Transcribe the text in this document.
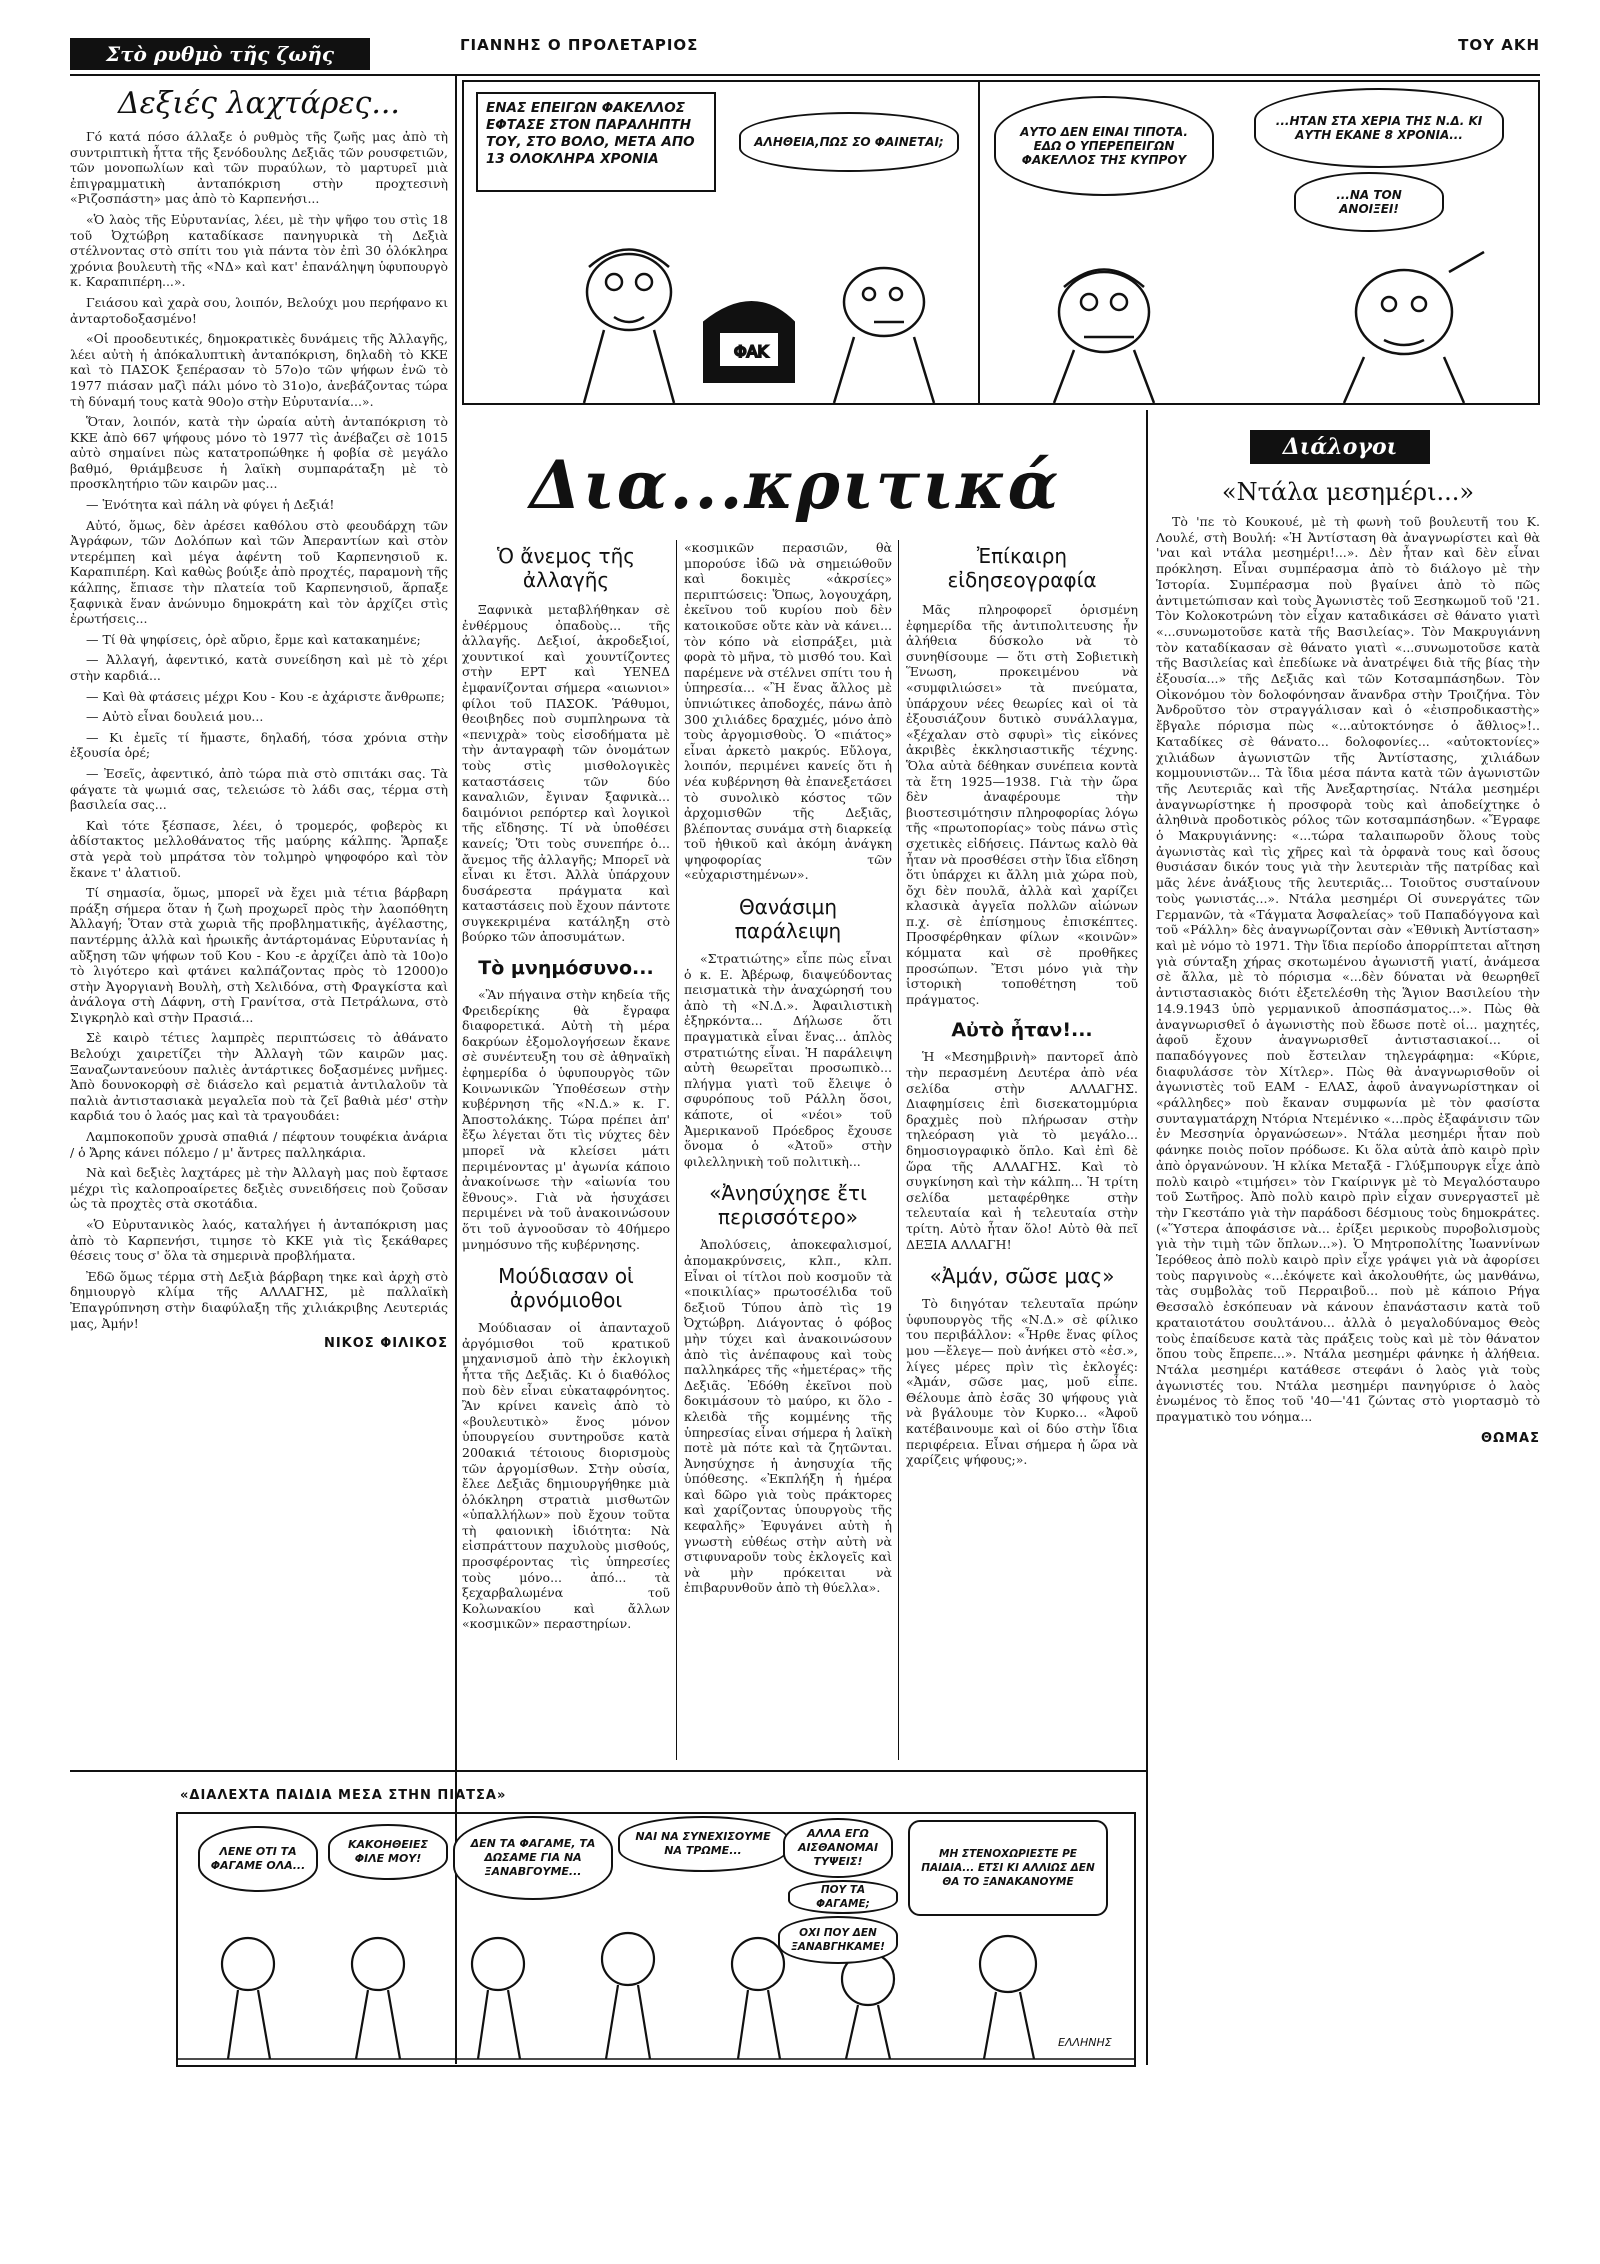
Στὸ ρυθμὸ τῆς ζωῆς	ΓΙΑΝΝΗΣ Ο ΠΡΟΛΕΤΑΡΙΟΣ	ΤΟΥ ΑΚΗ
Δεξιές λαχτάρες...

Γό κατά πόσο άλλαξε ὁ ρυθμὸς τῆς ζωῆς μας ἀπὸ τὴ συντριπτικὴ ἧττα τῆς ξενόδουλης Δεξιᾶς τῶν ρουσφετιῶν, τῶν μονοπωλίων καὶ τῶν πυραύλων, τὸ μαρτυρεῖ μιὰ ἐπιγραμματικὴ ἀνταπόκριση στὴν προχτεσινὴ «Ριζοσπάστη» μας ἀπὸ τὸ Καρπενήσι...

«Ὁ λαὸς τῆς Εὐρυτανίας, λέει, μὲ τὴν ψῆφο του στὶς 18 τοῦ Ὀχτώβρη καταδίκασε πανηγυρικὰ τὴ Δεξιὰ στέλνοντας στὸ σπίτι του γιὰ πάντα τὸν ἐπὶ 30 ὁλόκληρα χρόνια βουλευτὴ τῆς «ΝΔ» καὶ κατ' ἐπανάληψη ὑφυπουργὸ κ. Καραπιπέρη...».

Γειάσου καὶ χαρὰ σου, λοιπόν, Βελούχι μου περήφανο κι ἀνταρτοδοξασμένο!

«Οἱ προοδευτικές, δημοκρατικὲς δυνάμεις τῆς Ἀλλαγῆς, λέει αὐτὴ ἡ ἀπόκαλυπτικὴ ἀνταπόκριση, δηλαδὴ τὸ ΚΚΕ καὶ τὸ ΠΑΣΟΚ ξεπέρασαν τὸ 57ο)ο τῶν ψήφων ἐνῶ τὸ 1977 πιάσαν μαζὶ πάλι μόνο τὸ 31ο)ο, ἀνεβάζοντας τώρα τὴ δύναμή τους κατὰ 90ο)ο στὴν Εὐρυτανία...».

Ὅταν, λοιπόν, κατὰ τὴν ὡραία αὐτὴ ἀνταπόκριση τὸ ΚΚΕ ἀπὸ 667 ψήφους μόνο τὸ 1977 τὶς ἀνέβαζει σὲ 1015 αὐτὸ σημαίνει πὼς κατατροπώθηκε ἡ φοβία σὲ μεγάλο βαθμό, θριάμβευσε ἡ λαϊκὴ συμπαράταξη μὲ τὸ προσκλητήριο τῶν καιρῶν μας...

— Ἑνότητα καὶ πάλη νὰ φύγει ἡ Δεξιά!

Αὐτό, ὅμως, δὲν ἀρέσει καθόλου στὸ φεουδάρχη τῶν Ἀγράφων, τῶν Δολόπων καὶ τῶν Ἀπεραντίων καὶ στὸν ντερέμπεη καὶ μέγα ἀφέντη τοῦ Καρπενησιοῦ κ. Καραπιπέρη. Καὶ καθὼς βούιξε ἀπὸ προχτές, παραμονὴ τῆς κάλπης, ἔπιασε τὴν πλατεία τοῦ Καρπενησιοῦ, ἅρπαξε ξαφνικὰ ἕναν ἀνώνυμο δημοκράτη καὶ τὸν ἀρχίζει στὶς ἐρωτήσεις...

— Τί θὰ ψηφίσεις, ὁρὲ αὔριο, ἔρμε καὶ κατακαημένε;

— Ἀλλαγή, ἀφεντικό, κατὰ συνείδηση καὶ μὲ τὸ χέρι στὴν καρδιά...

— Καὶ θὰ φτάσεις μέχρι Κου - Κου -ε ἀχάριστε ἄνθρωπε;

— Αὐτὸ εἶναι δουλειά μου...

— Κι ἐμεῖς τί ἤμαστε, δηλαδή, τόσα χρόνια στὴν ἐξουσία ὁρέ;

— Ἐσεῖς, ἀφεντικό, ἀπὸ τώρα πιὰ στὸ σπιτάκι σας. Τὰ φάγατε τὰ ψωμιά σας, τελειώσε τὸ λάδι σας, τέρμα στὴ βασιλεία σας...

Καὶ τότε ξέσπασε, λέει, ὁ τρομερός, φοβερὸς κι ἀδίστακτος μελλοθάνατος τῆς μαύρης κάλπης. Ἅρπαξε στὰ γερὰ τοὺ μπράτσα τὸν τολμηρὸ ψηφοφόρο καὶ τὸν ἔκανε τ' ἀλατιοῦ.

Τί σημασία, ὅμως, μπορεῖ νὰ ἔχει μιὰ τέτια βάρβαρη πράξη σήμερα ὅταν ἡ ζωὴ προχωρεῖ πρὸς τὴν λαοπόθητη Ἀλλαγή; Ὅταν στὰ χωριὰ τῆς προβληματικῆς, ἀγέλαστης, παντέρμης ἀλλὰ καὶ ἡρωικῆς ἀντάρτομάνας Εὐρυτανίας ἡ αὔξηση τῶν ψήφων τοῦ Κου - Κου -ε ἀρχίζει ἀπὸ τὰ 10ο)ο τὸ λιγότερο καὶ φτάνει καλπάζοντας πρὸς τὸ 12000)ο στὴν Ἀγοργιανὴ Βουλὴ, στὴ Χελιδόνα, στὴ Φραγκίστα καὶ ἀνάλογα στὴ Δάφνη, στὴ Γρανίτσα, στὰ Πετράλωνα, στὸ Σιγκρηλὸ καὶ στὴν Πρασιά...

Σὲ καιρὸ τέτιες λαμπρὲς περιπτώσεις τὸ ἀθάνατο Βελούχι χαιρετίζει τὴν Ἀλλαγὴ τῶν καιρῶν μας. Ξαναζωντανεύουν παλιὲς ἀντάρτικες δοξασμένες μνῆμες. Ἀπὸ δουνοκορφὴ σὲ διάσελο καὶ ρεματιὰ ἀντιλαλοῦν τὰ παλιὰ ἀντιστασιακὰ μεγαλεῖα ποὺ τὰ ζεῖ βαθιὰ μέσ' στὴν καρδιά του ὁ λαός μας καὶ τὰ τραγουδάει:

Λαμποκοποῦν χρυσὰ σπαθιά / πέφτουν τουφέκια ἀνάρια / ὁ Ἄρης κάνει πόλεμο / μ' ἄντρες παλληκάρια.

Νὰ καὶ δεξιὲς λαχτάρες μὲ τὴν Ἀλλαγὴ μας ποὺ ἔφτασε μέχρι τὶς καλοπροαίρετες δεξιὲς συνειδήσεις ποὺ ζοῦσαν ὡς τὰ προχτὲς στὰ σκοτάδια.

«Ὁ Εὐρυτανικὸς λαός, καταλήγει ἡ ἀνταπόκριση μας ἀπὸ τὸ Καρπενήσι, τιμησε τὸ ΚΚΕ γιὰ τὶς ξεκάθαρες θέσεις τους σ' ὅλα τὰ σημερινὰ προβλήματα.

Ἐδῶ ὅμως τέρμα στὴ Δεξιὰ βάρβαρη τηκε καὶ ἀρχὴ στὸ δημιουργὸ κλίμα τῆς ΑΛΛΑΓΗΣ, μὲ παλλαϊκὴ Ἐπαγρύπνηση στὴν διαφύλαξη τῆς χιλιάκριβης Λευτεριάς μας, Ἀμήν!

ΝΙΚΟΣ ΦΙΛΙΚΟΣ
ΦΑΚ
ΕΝΑΣ ΕΠΕΙΓΩΝ ΦΑΚΕΛΛΟΣ ΕΦΤΑΣΕ ΣΤΟΝ ΠΑΡΑΛΗΠΤΗ ΤΟΥ, ΣΤΟ ΒΟΛΟ, ΜΕΤΑ ΑΠΟ 13 ΟΛΟΚΛΗΡΑ ΧΡΟΝΙΑ
ΑΛΗΘΕΙΑ,ΠΩΣ ΣΟ ΦΑΙΝΕΤΑΙ;
ΑΥΤΟ ΔΕΝ ΕΙΝΑΙ ΤΙΠΟΤΑ. ΕΔΩ Ο ΥΠΕΡΕΠΕΙΓΩΝ ΦΑΚΕΛΛΟΣ ΤΗΣ ΚΥΠΡΟΥ
...ΗΤΑΝ ΣΤΑ ΧΕΡΙΑ ΤΗΣ Ν.Δ. ΚΙ ΑΥΤΗ ΕΚΑΝΕ 8 ΧΡΟΝΙΑ...
...ΝΑ ΤΟΝ ΑΝΟΙΞΕΙ!
Δια...κριτικά
Ὁ ἄνεμος τῆς ἀλλαγῆς
Ξαφνικὰ μεταβλήθηκαν σὲ ἐνθέρμους ὀπαδοὺς... τῆς ἀλλαγῆς. Δεξιοί, ἀκροδεξιοί, χουντικοί καὶ χουντίζοντες στὴν ΕΡΤ καὶ ΥΕΝΕΔ ἐμφανίζονται σήμερα «αιωνιοι» φίλοι τοῦ ΠΑΣΟΚ. Ῥάθυμοι, θεοιβηδες ποὺ συμπληρωνα τὰ «πενιχρὰ» τοὺς εἰσοδήματα μὲ τὴν ἀνταγραφὴ τῶν ὀνομάτων τοὺς στὶς μισθολογικὲς καταστάσεις τῶν δύο καναλιῶν, ἔγιναν ξαφνικὰ... δαιμόνιοι ρεπόρτερ καὶ λογικοὶ τῆς εἴδησης. Τί νὰ ὑποθέσει κανείς; Ὅτι τοὺς συνεπήρε ὁ... ἄνεμος τῆς ἀλλαγῆς; Μπορεῖ νὰ εἶναι κι ἔτσι. Ἀλλὰ ὑπάρχουν δυσάρεστα πράγματα καὶ καταστάσεις ποὺ ἔχουν πάντοτε συγκεκριμένα κατάληξη στὸ βούρκο τῶν ἀποσυμάτων.
Τὸ μνημόσυνο...
«Ἂν πήγαινα στὴν κηδεία τῆς Φρειδερίκης θὰ ἔγραφα διαφορετικά. Αὐτὴ τὴ μέρα δακρύων ἐξομολογήσεων ἔκανε σὲ συνέντευξη του σὲ ἀθηναϊκὴ ἐφημερίδα ὁ ὑφυπουργὸς τῶν Κοινωνικῶν Ὑποθέσεων στὴν κυβέρνηση τῆς «Ν.Δ.» κ. Γ. Ἀποστολάκης. Τώρα πρέπει ἀπ' ἔξω λέγεται ὅτι τὶς νύχτες δὲν μπορεῖ νὰ κλείσει μάτι περιμένοντας μ' ἀγωνία κάποιο ἀνακοίνωσε τὴν «αἰωνία του ἔθνους». Γιὰ νὰ ἡσυχάσει περιμένει νὰ τοῦ ἀνακοινώσουν ὅτι τοῦ ἀγνοοῦσαν τὸ 40ήμερο μνημόσυνο τῆς κυβέρνησης.
Μούδιασαν οἱ ἀρνόμιοθοι
Μούδιασαν οἱ ἀπανταχοῦ ἀργόμισθοι τοῦ κρατικοῦ μηχανισμοῦ ἀπὸ τὴν ἐκλογικὴ ἧττα τῆς Δεξιᾶς. Κι ὁ διαθόλος ποὺ δὲν εἶναι εὐκαταφρόνητος. Ἂν κρίνει κανεὶς ἀπὸ τὸ «βουλευτικὸ» ἕνος μόνον ὑπουργείου συντηροῦσε κατὰ 200ακιά τέτοιους διορισμοὺς τῶν ἀργομίσθων. Στὴν οὐσία, ἔλεε Δεξιᾶς δημιουργήθηκε μιὰ ὁλόκληρη στρατιὰ μισθωτῶν «ὑπαλλήλων» ποὺ ἔχουν τοῦτα τὴ φαιονικὴ ἰδιότητα: Νὰ εἰσπράττουν παχυλοὺς μισθούς, προσφέροντας τὶς ὑπηρεσίες τοὺς μόνο... ἀπό... τὰ ξεχαρβαλωμένα τοῦ Κολωνακίου καὶ ἄλλων «κοσμικῶν» περαστηρίων.
«κοσμικῶν περασιῶν, θὰ μπορούσε ἰδῶ νὰ σημειώθοῦν καὶ δοκιμὲς «ἀκρσίες» περιπτώσεις: Ὅπως, λογουχάρη, ἐκεῖνου τοῦ κυρίου ποὺ δὲν κατοικοῦσε οὔτε κὰν νὰ κάνει... τὸν κόπο νὰ εἰσπράξει, μιὰ φορὰ τὸ μῆνα, τὸ μισθό του. Καὶ παρέμενε νὰ στέλνει σπίτι του ἡ ὑπηρεσία... «Ἢ ἕνας ἄλλος μὲ ὑπνιώτικες ἀποδοχές, πάνω ἀπὸ 300 χιλιάδες δραχμές, μόνο ἀπὸ τοὺς ἀργομισθοὺς. Ὁ «πιάτος» εἶναι ἀρκετὸ μακρύς. Εὔλογα, λοιπόν, περιμένει κανείς ὅτι ἡ νέα κυβέρνηση θὰ ἐπανεξετάσει τὸ συνολικὸ κόστος τῶν ἀρχομισθῶν τῆς Δεξιᾶς, βλέποντας συνάμα στὴ διαρκείᾳ τοῦ ἠθικοῦ καὶ ἀκόμη ἀνάγκη ψηφοφορίας τῶν «εὐχαριστημένων».
Θανάσιμη παράλειψη
«Στρατιώτης» εἶπε πὼς εἶναι ὁ κ. Ε. Ἀβέρωφ, διαψεύδοντας πεισματικὰ τὴν ἀναχώρησή του ἀπὸ τὴ «Ν.Δ.». Ἀφαιλιστικὴ ἐξηρκόντα... Δήλωσε ὅτι πραγματικὰ εἶναι ἕνας... ἁπλὸς στρατιώτης εἶναι. Ἡ παράλειψη αὐτὴ θεωρεῖται προσωπικὸ... πλήγμα γιατὶ τοῦ ἔλειψε ὁ σφυρόπους τοῦ Ράλλη ὅσοι, κάποτε, οἱ «νέοι» τοῦ Ἀμερικανοῦ Πρόεδρος ἔχουσε ὅνομα ὁ «Ἀτοῦ» στὴν φιλελληνικὴ τοῦ πολιτικὴ...
«Ἀνησύχησε ἔτι περισσότερο»
Ἀπολύσεις, ἀποκεφαλισμοί, ἀπομακρύνσεις, κλπ., κλπ. Εἶναι οἱ τίτλοι ποὺ κοσμοῦν τὰ «ποικιλίας» πρωτοσέλιδα τοῦ δεξιοῦ Τύπου ἀπὸ τὶς 19 Ὀχτώβρη. Διάγοντας ὁ φόβος μὴν τύχει καὶ ἀνακοινώσουν ἀπὸ τὶς ἀνέπαφους καὶ τοὺς παλληκάρες τῆς «ἠμετέρας» τῆς Δεξιᾶς. Ἐδόθη ἐκεῖνοι ποὺ δοκιμάσουν τὸ μαύρο, κι ὅλο - κλειδὰ τῆς κομμένης τῆς ὑπηρεσίας εἶναι σήμερα ἡ λαϊκὴ ποτὲ μὰ πότε καὶ τὰ ζητῶνται. Ἀνησύχησε ἡ ἀνησυχία τῆς ὑπόθεσης. «Ἐκπλήξη ἡ ἡμέρα καὶ δῶρο γιὰ τοὺς πράκτορες καὶ χαρίζοντας ὑπουργοὺς τῆς κεφαλῆς» Ἐφυγάνει αὐτὴ ἡ γνωστὴ εὐθέως στὴν αὐτὴ νὰ στιφυναροῦν τοὺς ἐκλογεῖς καὶ νὰ μὴν πρόκειται νὰ ἐπιβαρυνθοῦν ἀπὸ τὴ θύελλα».
Ἐπίκαιρη εἰδησεογραφία
Μᾶς πληροφορεῖ ὁρισμένη ἐφημερίδα τῆς ἀντιπολιτευσης ἦν ἀλήθεια δύσκολο νὰ τὸ συνηθίσουμε — ὅτι στὴ Σοβιετικὴ Ἕνωση, προκειμένου νὰ «συμφιλιώσει» τὰ πνεύματα, ὑπάρχουν νέες θεωρίες καὶ οἱ τὰ ἐξουσιάζουν δυτικὸ συνάλλαγμα, «ξέχαλαν στὸ σφυρὶ» τὶς εἰκόνες ἀκριβὲς ἐκκλησιαστικῆς τέχνης. Ὅλα αὐτὰ δέθηκαν συνέπεια κοντὰ τὰ ἔτη 1925—1938. Γιὰ τὴν ὥρα δὲν ἀναφέρουμε τὴν βιοστεσιμότησιν πληροφορίας λόγω τῆς «πρωτοπορίας» τοὺς πάνω στὶς σχετικὲς εἰδήσεις. Πάντως καλὸ θὰ ἦταν νὰ προσθέσει στὴν ἴδια εἴδηση ὅτι ὑπάρχει κι ἄλλη μιὰ χώρα ποὺ, ὄχι δὲν πουλᾶ, ἀλλὰ καὶ χαρίζει κλασικὰ ἀγγεῖα πολλῶν αἰώνων π.χ. σὲ ἐπίσημους ἐπισκέπτες. Προσφέρθηκαν φίλων «κοινῶν» κόμματα καὶ σὲ προθῆκες προσώπων. Ἔτσι μόνο γιὰ τὴν ἱστορικὴ τοποθέτηση τοῦ πράγματος.
Αὐτὸ ἦταν!...
Ἡ «Μεσημβρινὴ» παντορεῖ ἀπὸ τὴν περασμένη Δευτέρα ἀπὸ νέα σελίδα στὴν ΑΛΛΑΓΗΣ. Διαφημίσεις ἐπὶ δισεκατομμύρια δραχμὲς ποὺ πλήρωσαν στὴν τηλεόραση γιὰ τὸ μεγάλο... δημοσιογραφικὸ ὅπλο. Καὶ ἐπὶ δὲ ὥρα τῆς ΑΛΛΑΓΗΣ. Καὶ τὸ συγκίνηση καὶ τὴν κάλπη... Ἡ τρίτη σελίδα μεταφέρθηκε στὴν τελευταία καὶ ἡ τελευταία στὴν τρίτη. Αὐτὸ ἦταν ὅλο! Αὐτὸ θὰ πεῖ ΔΕΞΙΑ ΑΛΛΑΓΗ!
«Ἀμάν, σῶσε μας»
Τὸ διηγόταν τελευταῖα πρώην ὑφυπουργὸς τῆς «Ν.Δ.» σὲ φίλικο του περιβάλλον: «Ἦρθε ἕνας φίλος μου —ἔλεγε— ποὺ ἀνήκει στὸ «ἐσ.», λίγες μέρες πρὶν τὶς ἐκλογές: «Ἀμάν, σῶσε μας, μοῦ εἶπε. Θέλουμε ἀπὸ ἐσᾶς 30 ψήφους γιὰ νὰ βγάλουμε τὸν Κυρκο... «Ἀφοῦ κατέβαινουμε καὶ οἱ δύο στὴν ἴδια περιφέρεια. Εἶναι σήμερα ἡ ὥρα νὰ χαρίζεις ψήφους;».
Διάλογοι
«Ντάλα μεσημέρι...»
Τὸ 'πε τὸ Κουκουέ, μὲ τὴ φωνὴ τοῦ βουλευτῆ του Κ. Λουλέ, στὴ Βουλή: «Ἡ Ἀντίσταση θὰ ἀναγνωρίστει καὶ θὰ 'ναι καὶ ντάλα μεσημέρι!...». Δὲν ἦταν καὶ δὲν εἶναι πρόκληση. Εἶναι συμπέρασμα ἀπὸ τὸ διάλογο μὲ τὴν Ἱστορία. Συμπέρασμα ποὺ βγαίνει ἀπὸ τὸ πῶς ἀντιμετώπισαν καὶ τοὺς Ἀγωνιστὲς τοῦ Ξεσηκωμοῦ τοῦ '21. Τὸν Κολοκοτρώνη τὸν εἶχαν καταδικάσει σὲ θάνατο γιατὶ «...συνωμοτοῦσε κατὰ τῆς Βασιλείας». Τὸν Μακρυγιάννη τὸν καταδίκασαν σὲ θάνατο γιατὶ «...συνωμοτοῦσε κατὰ τῆς Βασιλείας καὶ ἐπεδίωκε νὰ ἀνατρέψει διὰ τῆς βίας τὴν ἐξουσία...» τῆς Δεξιᾶς καὶ τῶν Κοτσαμπάσηδων. Τὸν Οἰκονόμου τὸν δολοφόνησαν ἄνανδρα στὴν Τροιζήνα. Τὸν Ἀνδροῦτσο τὸν στραγγάλισαν καὶ ὁ «ἐισπροδικαστὴς» ἔβγαλε πόρισμα πὼς «...αὐτοκτόνησε ὁ ἄθλιος»!.. Καταδίκες σὲ θάνατο... δολοφονίες... «αὐτοκτονίες» χιλιάδων ἀγωνιστῶν τῆς Ἀντίστασης, χιλιάδων κομμουνιστῶν... Τὰ ἴδια μέσα πάντα κατὰ τῶν ἀγωνιστῶν τῆς Λευτεριᾶς καὶ τῆς Ἀνεξαρτησίας. Ντάλα μεσημέρι ἀναγνωρίστηκε ἡ προσφορὰ τοὺς καὶ ἀποδείχτηκε ὁ ἀληθινὰ προδοτικὸς ρόλος τῶν κοτσαμπάσηδων. «Ἔγραφε ὁ Μακρυγιάννης: «...τώρα ταλαιπωροῦν ὅλους τοὺς ἀγωνιστὰς καὶ τὶς χῆρες καὶ τὰ ὀρφανὰ τους καὶ ὅσους θυσιάσαν δικόν τους γιὰ τὴν λευτεριὰν τῆς πατρίδας καὶ μᾶς λένε ἀνάξιους τῆς λευτεριᾶς... Τοιοῦτος συσταίνουν τοὺς γωνιστάς...». Ντάλα μεσημέρι Οἱ συνεργάτες τῶν Γερμανῶν, τὰ «Τάγματα Ἀσφαλείας» τοῦ Παπαδόγγονα καὶ τοῦ «Ράλλη» δὲς ἀναγνωρίζονται σὰν «Ἐθνικὴ Ἀντίσταση» καὶ μὲ νόμο τὸ 1971. Τὴν ἴδια περίοδο ἀπορρίπτεται αἴτηση γιὰ σύνταξη χήρας σκοτωμένου ἀγωνιστῆ γιατί, ἀνάμεσα σὲ ἄλλα, μὲ τὸ πόρισμα «...δὲν δύναται νὰ θεωρηθεῖ ἀντιστασιακὸς διότι ἐξετελέσθη τὴς Ἅγιον Βασιλείου τὴν 14.9.1943 ὑπὸ γερμανικοῦ ἀποσπάσματος...». Πὼς θὰ ἀναγνωρισθεῖ ὁ ἀγωνιστὴς ποὺ ἔδωσε ποτὲ οἱ... μαχητές, ἀφοῦ ἔχουν ἀναγνωρισθεῖ ἀντιστασιακοί... οἱ παπαδόγγονες ποὺ ἔστειλαν τηλεγράφημα: «Κύριε, διαφυλάσσε τὸν Χίτλερ». Πὼς θὰ ἀναγνωρισθοῦν οἱ ἀγωνιστὲς τοῦ ΕΑΜ - ΕΛΑΣ, ἀφοῦ ἀναγνωρίστηκαν οἱ «ράλληδες» ποὺ ἔκαναν συμφωνία μὲ τὸν φασίστα συνταγματάρχη Ντόρια Ντεμένικο «...πρὸς ἐξαφάνισιν τῶν ἐν Μεσσηνία ὀργανώσεων». Ντάλα μεσημέρι ἦταν ποὺ φάνηκε ποιὸς ποῖον πρόδωσε. Κι ὅλα αὐτὰ ἀπὸ καιρὸ πρὶν ἀπὸ ὀργανώνουν. Ἡ κλίκα Μεταξᾶ - Γλύξμπουργκ εἶχε ἀπὸ πολὺ καιρὸ «τιμήσει» τὸν Γκαίρινγκ μὲ τὸ Μεγαλόσταυρο τοῦ Σωτῆρος. Ἀπὸ πολὺ καιρὸ πρὶν εἶχαν συνεργαστεῖ μὲ τὴν Γκεστάπο γιὰ τὴν παράδοσι δέσμιους τοὺς δημοκράτες. («Ὕστερα ἀποφάσισε νὰ... ἐρίξει μερικοὺς πυροβολισμοὺς γιὰ τὴν τιμὴ τῶν ὅπλων...»). Ὁ Μητροπολίτης Ἰωαννίνων Ἱερόθεος ἀπὸ πολὺ καιρὸ πρὶν εἶχε γράψει γιὰ νὰ ἀφορίσει τοὺς παργινοὺς «...ἐκόψετε καὶ ἀκολουθήτε, ὡς μανθάνω, τὰς συμβολὰς τοῦ Περραιβοῦ... ποὺ μὲ κάποιο Ρήγα Θεσσαλὸ ἐσκόπευαν νὰ κάνουν ἐπανάστασιν κατὰ τοῦ κραταιοτάτου σουλτάνου... ἀλλὰ ὁ μεγαλοδύναμος Θεὸς τοὺς ἐπαίδευσε κατὰ τὰς πράξεις τοὺς καὶ μὲ τὸν θάνατον ὅπου τοὺς ἔπρεπε...». Ντάλα μεσημέρι φάνηκε ἡ ἀλήθεια. Ντάλα μεσημέρι κατάθεσε στεφάνι ὁ λαὸς γιὰ τοὺς ἀγωνιστές του. Ντάλα μεσημέρι πανηγύρισε ὁ λαὸς ἐνωμένος τὸ ἔπος τοῦ '40—'41 ζώντας στὸ γιορτασμὸ τὸ πραγματικὸ του νόημα...
ΘΩΜΑΣ
«ΔΙΑΛΕΧΤΑ ΠΑΙΔΙΑ ΜΕΣΑ ΣΤΗΝ ΠΙΑΤΣΑ»
ΛΕΝΕ ΟΤΙ ΤΑ ΦΑΓΑΜΕ ΟΛΑ...
ΚΑΚΟΗΘΕΙΕΣ ΦΙΛΕ ΜΟΥ!
ΔΕΝ ΤΑ ΦΑΓΑΜΕ, ΤΑ ΔΩΣΑΜΕ ΓΙΑ ΝΑ ΞΑΝΑΒΓΟΥΜΕ...
ΝΑΙ ΝΑ ΣΥΝΕΧΙΣΟΥΜΕ ΝΑ ΤΡΩΜΕ...
ΑΛΛΑ ΕΓΩ ΑΙΣΘΑΝΟΜΑΙ ΤΥΨΕΙΣ!
ΠΟΥ ΤΑ ΦΑΓΑΜΕ;
ΟΧΙ ΠΟΥ ΔΕΝ ΞΑΝΑΒΓΗΚΑΜΕ!
ΜΗ ΣΤΕΝΟΧΩΡΙΕΣΤΕ ΡΕ ΠΑΙΔΙΑ... ΕΤΣΙ ΚΙ ΑΛΛΙΩΣ ΔΕΝ ΘΑ ΤΟ ΞΑΝΑΚΑΝΟΥΜΕ
ΕΛΛΗΝΗΣ
